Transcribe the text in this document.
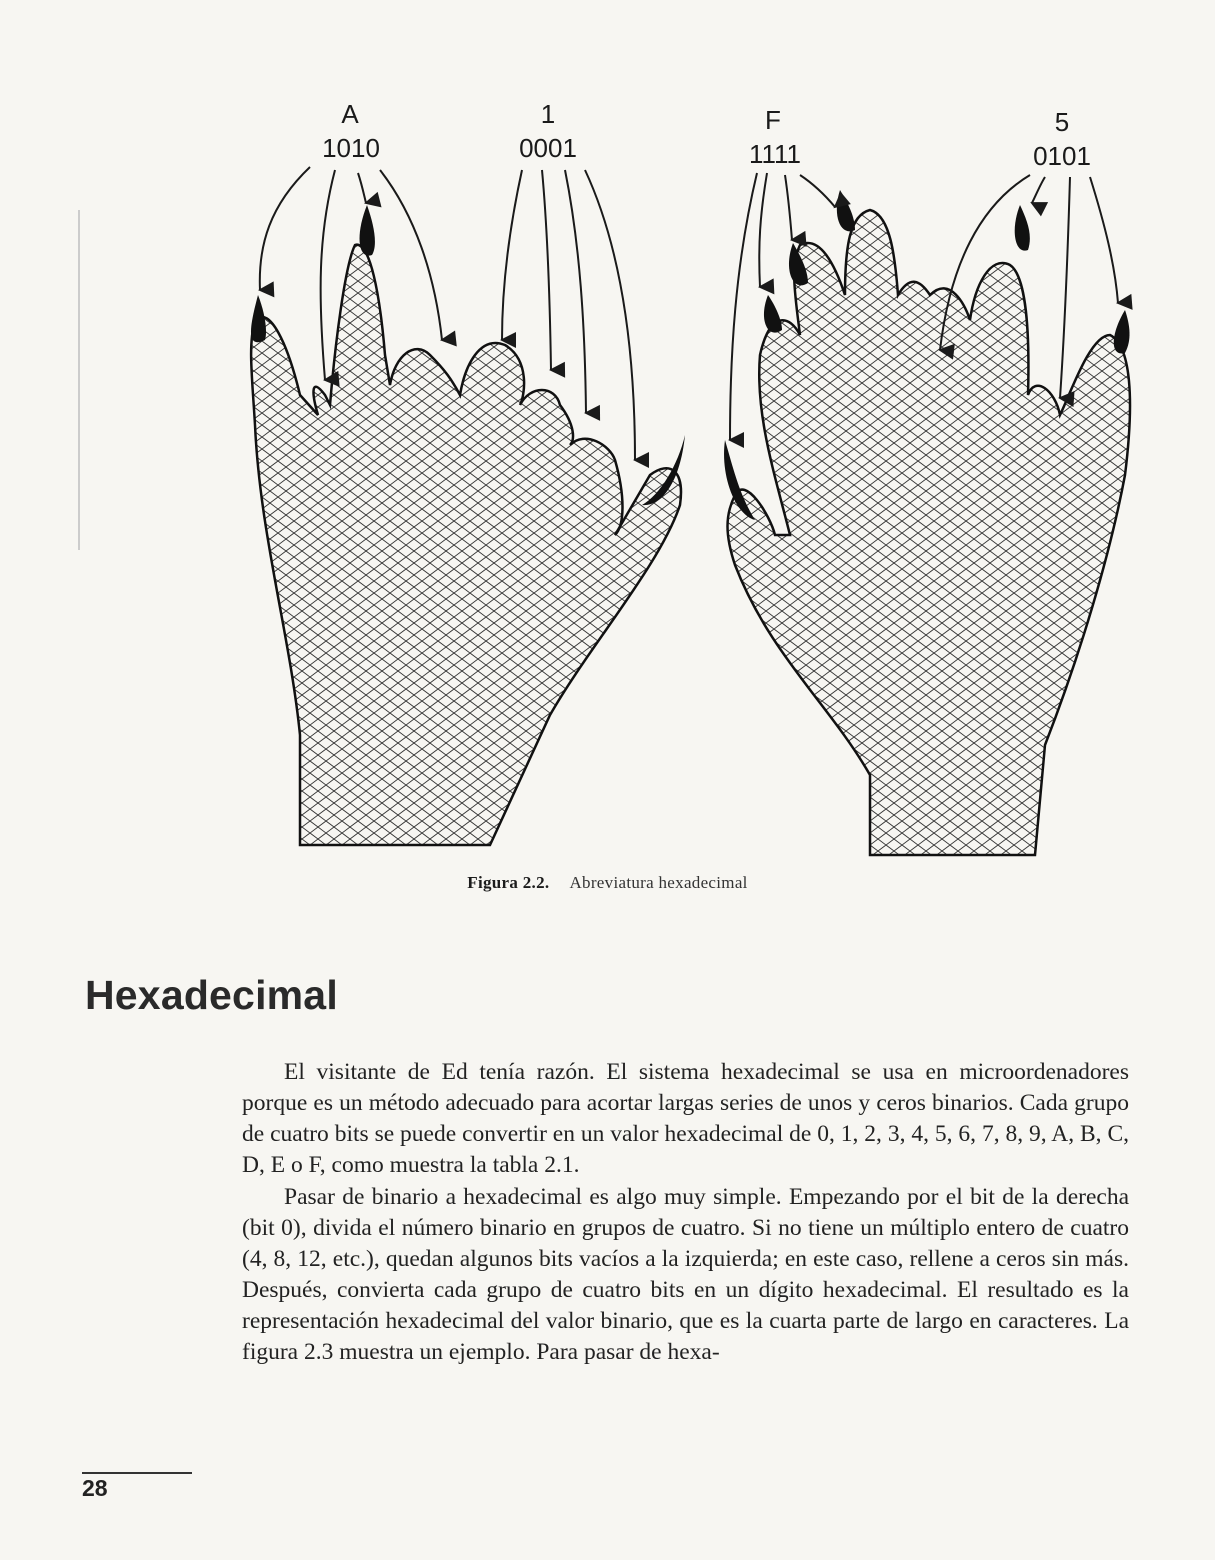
A
1010
1
0001
F
1111
5
0101
Figura 2.2. Abreviatura hexadecimal
Hexadecimal

El visitante de Ed tenía razón. El sistema hexadecimal se usa en microordenadores porque es un método adecuado para acortar largas series de unos y ceros binarios. Cada grupo de cuatro bits se puede convertir en un valor hexadecimal de 0, 1, 2, 3, 4, 5, 6, 7, 8, 9, A, B, C, D, E o F, como muestra la tabla 2.1.

Pasar de binario a hexadecimal es algo muy simple. Empezando por el bit de la derecha (bit 0), divida el número binario en grupos de cuatro. Si no tiene un múltiplo entero de cuatro (4, 8, 12, etc.), quedan algunos bits vacíos a la izquierda; en este caso, rellene a ceros sin más. Después, convierta cada grupo de cuatro bits en un dígito hexadecimal. El resultado es la representación hexadecimal del valor binario, que es la cuarta parte de largo en caracteres. La figura 2.3 muestra un ejemplo. Para pasar de hexa-

28
